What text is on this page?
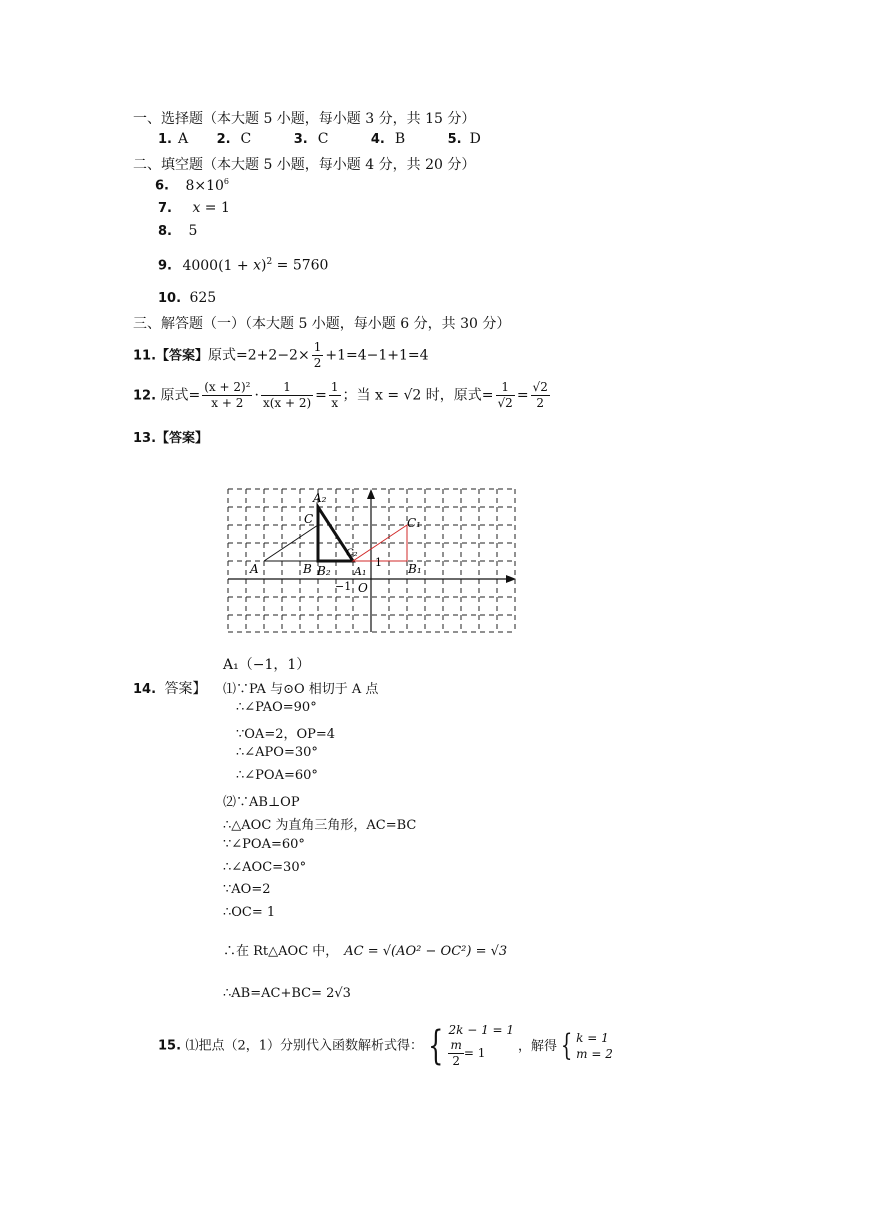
一、选择题（本大题 5 小题，每小题 3 分，共 15 分）
1. A 2. C	3. C	4. B	5. D
二、填空题（本大题 5 小题，每小题 4 分，共 20 分）
6. $8\times 10^6$
7. x = 1
8. 5
9. $4000(1 + x)^2 = 5760$
10. 625
三、解答题（一）（本大题 5 小题，每小题 6 分，共 30 分）
11.【答案】原式$=2+2-2\times \frac{1}{2} +1=4-1+1=4$
12. 原式= $\frac{\text{(x + 2)²}}{x + 2} \cdot \frac{1}{x(x + 2)} = \frac{1}{x}$ ；当 x = √2 时，原式= $\frac{1}{√2} = \frac{√2}{2}$
13.【答案】
A	B B₂ A₁	B₁
A₂
C	C₁
C₂
O
−1
1
A₁（−1，1）
14. 答案】 ⑴∵PA 与⊙O 相切于 A 点
∴∠PAO=90°
∵OA=2，OP=4
∴∠APO=30°
∴∠POA=60°
⑵∵AB⊥OP
∴△AOC 为直角三角形，AC=BC
∵∠POA=60°
∴∠AOC=30°
∵AO=2
∴OC= 1
∴在 Rt△AOC 中， AC = √(AO² − OC²) = √3
∴AB=AC+BC= 2√3
15. ⑴把点（2，1）分别代入函数解析式得： { 2k − 1 = 1
$\frac{m}{2} = 1$	，解得 { k = 1
m = 2
